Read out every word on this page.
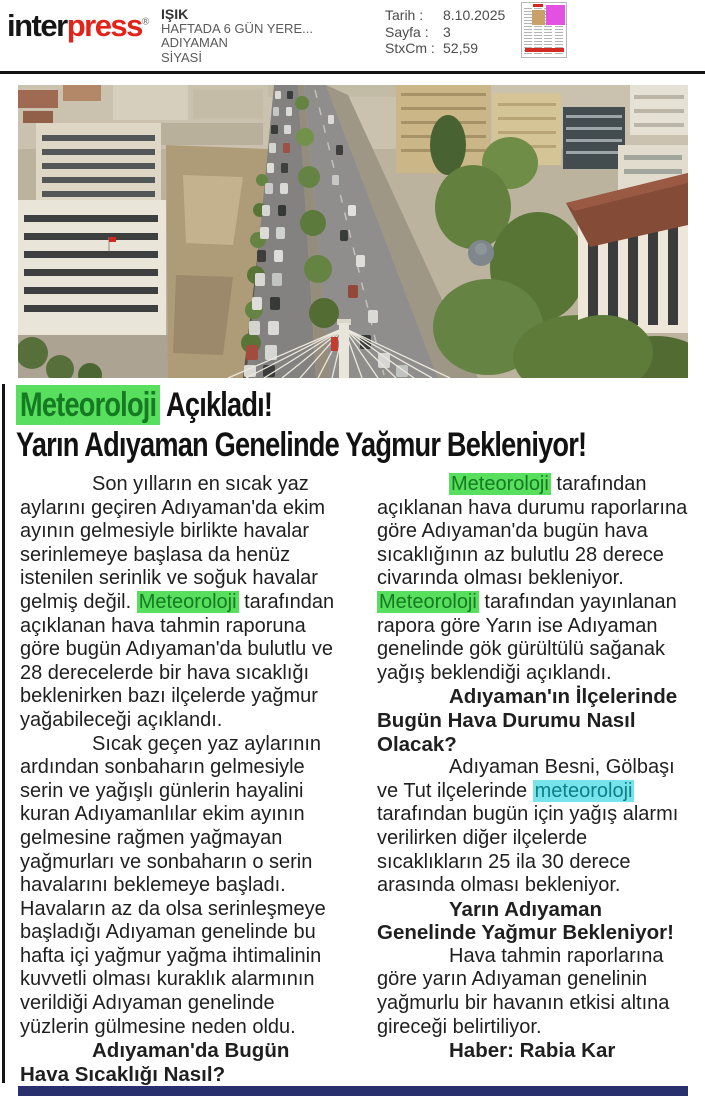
interpress®
IŞIK
HAFTADA 6 GÜN YERE...
ADIYAMAN
SİYASİ
Tarih :	8.10.2025
Sayfa :	3
StxCm : 52,59
Meteoroloji Açıkladı!
Yarın Adıyaman Genelinde Yağmur Bekleniyor!
Son yılların en sıcak yaz aylarını geçiren Adıyaman'da ekim ayının gelmesiyle birlikte havalar serinlemeye başlasa da henüz istenilen serinlik ve soğuk havalar gelmiş değil. Meteoroloji tarafından açıklanan hava tahmin raporuna göre bugün Adıyaman'da bulutlu ve 28 derecelerde bir hava sıcaklığı beklenirken bazı ilçelerde yağmur yağabileceği açıklandı.
Sıcak geçen yaz aylarının ardından sonbaharın gelmesiyle serin ve yağışlı günlerin hayalini kuran Adıyamanlılar ekim ayının gelmesine rağmen yağmayan yağmurları ve sonbaharın o serin havalarını beklemeye başladı. Havaların az da olsa serinleşmeye başladığı Adıyaman genelinde bu hafta içi yağmur yağma ihtimalinin kuvvetli olması kuraklık alarmının verildiği Adıyaman genelinde yüzlerin gülmesine neden oldu.
Adıyaman'da Bugün
Hava Sıcaklığı Nasıl?
Meteoroloji tarafından açıklanan hava durumu raporlarına göre Adıyaman'da bugün hava sıcaklığının az bulutlu 28 derece civarında olması bekleniyor. Meteoroloji tarafından yayınlanan rapora göre Yarın ise Adıyaman genelinde gök gürültülü sağanak yağış beklendiği açıklandı.
Adıyaman'ın İlçelerinde
Bugün Hava Durumu Nasıl
Olacak?
Adıyaman Besni, Gölbaşı ve Tut ilçelerinde meteoroloji tarafından bugün için yağış alarmı verilirken diğer ilçelerde sıcaklıkların 25 ila 30 derece arasında olması bekleniyor.
Yarın Adıyaman
Genelinde Yağmur Bekleniyor!
Hava tahmin raporlarına göre yarın Adıyaman genelinin yağmurlu bir havanın etkisi altına gireceği belirtiliyor.
Haber: Rabia Kar
